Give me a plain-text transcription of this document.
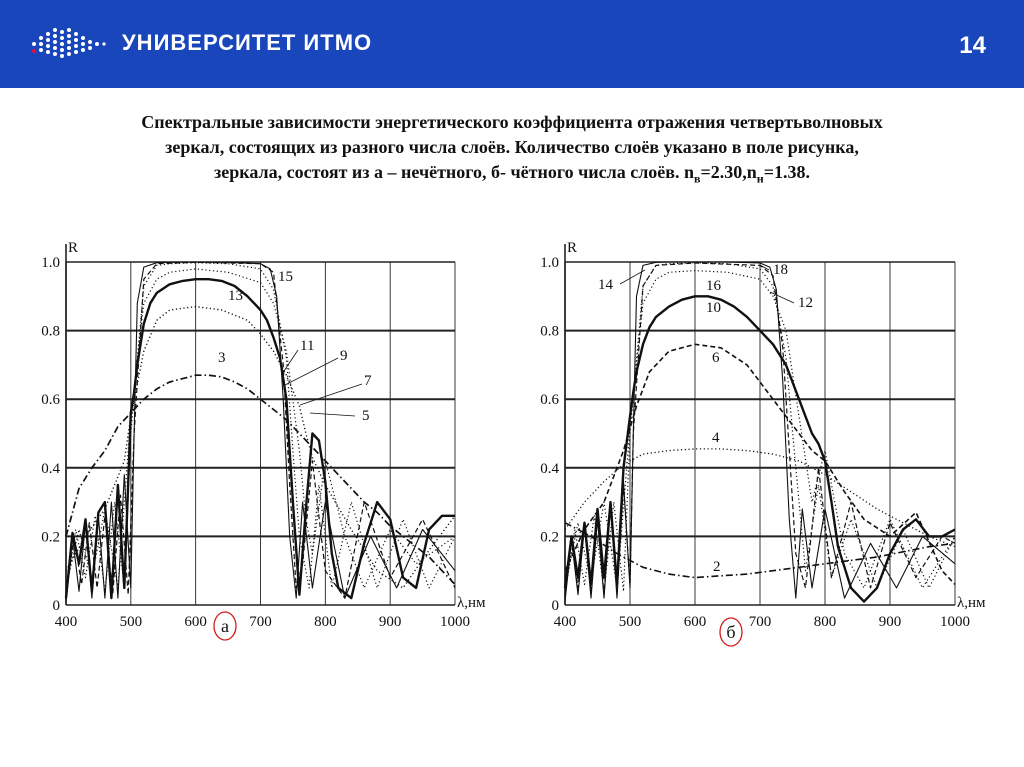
УНИВЕРСИТЕТ ИТМО	14
Спектральные зависимости энергетического коэффициента отражения четвертьволновых
зеркал, состоящих из разного числа слоёв. Количество слоёв указано в поле рисунка,
зеркала, состоят из а – нечётного, б- чётного числа слоёв. $n_в=2.30,n_н=1.38$.
400	500	600	700	800	900	1000
0
0.2
0.4
0.6
0.8
1.0
R
λ,нм
3
5
7
9
11
13
15
а	400	500	600	700	800	900	1000
0
0.2
0.4
0.6
0.8
1.0
R
λ,нм
2
4
6
10	12
14	16
18
б
